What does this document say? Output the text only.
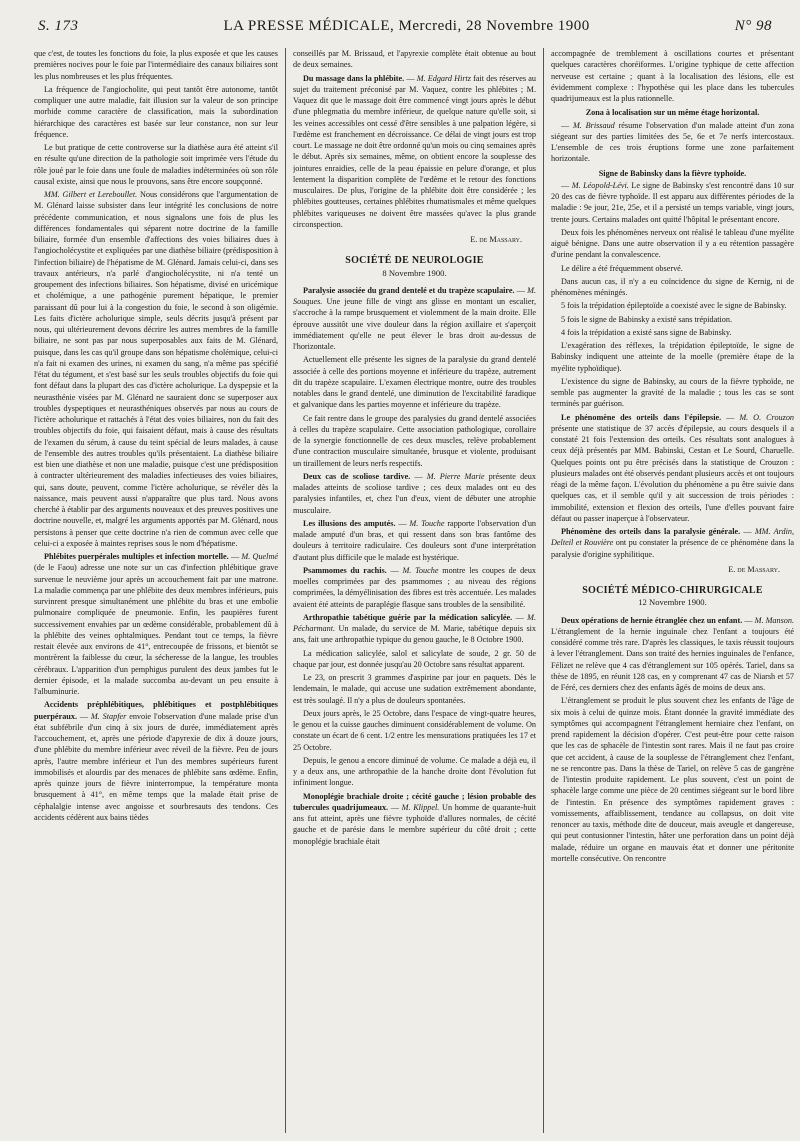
S. 173	LA PRESSE MÉDICALE, Mercredi, 28 Novembre 1900	N° 98

que c'est, de toutes les fonctions du foie, la plus exposée et que les causes premières nocives pour le foie par l'intermédiaire des canaux biliaires sont les plus nombreuses et les plus fréquentes.

La fréquence de l'angiocholite, qui peut tantôt être autonome, tantôt compliquer une autre maladie, fait illusion sur la valeur de son principe morbide comme caractère de classification, mais la subordination hiérarchique des caractères est basée sur leur constance, non sur leur fréquence.

Le but pratique de cette controverse sur la diathèse aura été atteint s'il en résulte qu'une direction de la pathologie soit imprimée vers l'étude du rôle joué par le foie dans une foule de maladies indéterminées où son rôle causal existe, ainsi que nous le prouvons, sans être encore soupçonné.

MM. Gilbert et Lereboullet. Nous considérons que l'argumentation de M. Glénard laisse subsister dans leur intégrité les conclusions de notre précédente communication, et nous signalons une fois de plus les différences fondamentales qui séparent notre doctrine de la famille biliaire, formée d'un ensemble d'affections des voies biliaires dues à l'angiocholécystite et expliquées par une diathèse biliaire (prédisposition à l'infection biliaire) de l'hépatisme de M. Glénard. Jamais celui-ci, dans ses travaux antérieurs, n'a parlé d'angiocholécystite, ni n'a tenté un groupement des infections biliaires. Son hépatisme, divisé en uricémique et cholémique, a une pathogénie purement hépatique, le premier paraissant dû pour lui à la congestion du foie, le second à son oligémie. Les faits d'ictère acholurique simple, seuls décrits jusqu'à présent par nous, qui ultérieurement devons décrire les autres membres de la famille biliaire, ne sont pas par nous superposables aux faits de M. Glénard, puisque, dans les cas qu'il groupe dans son hépatisme cholémique, celui-ci n'a fait ni examen des urines, ni examen du sang, n'a même pas spécifié l'état du tégument, et s'est basé sur les seuls troubles objectifs du foie qui font défaut dans la plupart des cas d'ictère acholurique. La dyspepsie et la neurasthénie visées par M. Glénard ne sauraient donc se superposer aux troubles dyspeptiques et neurasthéniques observés par nous au cours de l'ictère acholurique et rattachés à l'état des voies biliaires, non du fait des troubles objectifs du foie, qui faisaient défaut, mais à cause des résultats de l'examen du sérum, à cause du teint spécial de leurs malades, à cause de l'ensemble des autres troubles qu'ils présentaient. La diathèse biliaire est bien une diathèse et non une maladie, puisque c'est une prédisposition à contracter ultérieurement des maladies infectieuses des voies biliaires, qui, sans doute, peuvent, comme l'ictère acholurique, se révéler dès la naissance, mais peuvent aussi n'apparaître que plus tard. Nous avons cherché à établir par des arguments nouveaux et des preuves positives une doctrine nouvelle, et, malgré les arguments apportés par M. Glénard, nous persistons à penser que cette doctrine n'a rien de commun avec celle que celui-ci a exposée à maintes reprises sous le nom d'hépatisme.

Phlébites puerpérales multiples et infection mortelle. — M. Quelmé (de le Faou) adresse une note sur un cas d'infection phlébitique grave survenue le neuvième jour après un accouchement fait par une matrone. La maladie commença par une phlébite des deux membres inférieurs, puis survinrent presque simultanément une phlébite du bras et une embolie pulmonaire compliquée de pneumonie. Enfin, les paupières furent successivement envahies par un œdème considérable, probablement dû à la phlébite des veines ophtalmiques. Pendant tout ce temps, la fièvre restait élevée aux environs de 41°, entrecoupée de frissons, et bientôt se montrèrent la faiblesse du cœur, la sécheresse de la langue, les troubles cérébraux. L'apparition d'un pemphigus purulent des deux jambes fut le dernier épisode, et la malade succomba au-devant un peu ensuite à l'albuminurie.

Accidents préphlébitiques, phlébitiques et postphlébitiques puerpéraux. — M. Stapfer envoie l'observation d'une malade prise d'un état subfébrile d'un cinq à six jours de durée, immédiatement après l'accouchement, et, après une période d'apyrexie de dix à douze jours, d'une phlébite du membre inférieur avec réveil de la fièvre. Peu de jours après, l'autre membre inférieur et l'un des membres supérieurs furent immobilisés et alourdis par des menaces de phlébite sans œdème. Enfin, après quinze jours de fièvre ininterrompue, la température monta brusquement à 41°, en même temps que la malade était prise de céphalalgie intense avec angoisse et sourbresauts des tendons. Ces accidents cédèrent aux bains tièdes

conseillés par M. Brissaud, et l'apyrexie complète était obtenue au bout de deux semaines.

Du massage dans la phlébite. — M. Edgard Hirtz fait des réserves au sujet du traitement préconisé par M. Vaquez, contre les phlébites ; M. Vaquez dit que le massage doit être commencé vingt jours après le début d'une phlegmatia du membre inférieur, de quelque nature qu'elle soit, si les veines accessibles ont cessé d'être sensibles à une palpation légère, si l'œdème est franchement en décroissance. Ce délai de vingt jours est trop court. Le massage ne doit être ordonné qu'un mois ou cinq semaines après le début. Après six semaines, même, on obtient encore la souplesse des jointures enraidies, celle de la peau épaissie en pelure d'orange, et plus lentement la disparition complète de l'œdème et le retour des fonctions musculaires. De plus, l'origine de la phlébite doit être considérée ; les phlébites goutteuses, certaines phlébites rhumatismales et même quelques phlébites variqueuses ne doivent être massées qu'avec la plus grande circonspection.

E. de Massary.

SOCIÉTÉ DE NEUROLOGIE
8 Novembre 1900.

Paralysie associée du grand dentelé et du trapèze scapulaire. — M. Souques. Une jeune fille de vingt ans glisse en montant un escalier, s'accroche à la rampe brusquement et violemment de la main droite. Elle éprouve aussitôt une vive douleur dans la région axillaire et s'aperçoit immédiatement qu'elle ne peut élever le bras droit au-dessus de l'horizontale.

Actuellement elle présente les signes de la paralysie du grand dentelé associée à celle des portions moyenne et inférieure du trapèze, autrement dit du trapèze scapulaire. L'examen électrique montre, outre des troubles notables dans le grand dentelé, une diminution de l'excitabilité faradique et galvanique dans les parties moyenne et inférieure du trapèze.

Ce fait rentre dans le groupe des paralysies du grand dentelé associées à celles du trapèze scapulaire. Cette association pathologique, corollaire de la synergie fonctionnelle de ces deux muscles, relève probablement d'une contraction musculaire simultanée, brusque et violente, produisant un tiraillement de leurs nerfs respectifs.

Deux cas de scoliose tardive. — M. Pierre Marie présente deux malades atteints de scoliose tardive ; ces deux malades ont eu des paralysies infantiles, et, chez l'un d'eux, vient de débuter une atrophie musculaire.

Les illusions des amputés. — M. Touche rapporte l'observation d'un malade amputé d'un bras, et qui ressent dans son bras fantôme des douleurs à territoire radiculaire. Ces douleurs sont d'une interprétation d'autant plus difficile que le malade est hystérique.

Psammomes du rachis. — M. Touche montre les coupes de deux moelles comprimées par des psammomes ; au niveau des régions comprimées, la démyélinisation des fibres est très accentuée. Les malades avaient été atteints de paraplégie flasque sans troubles de la sensibilité.

Arthropathie tabétique guérie par la médication salicylée. — M. Pécharmant. Un malade, du service de M. Marie, tabétique depuis six ans, fait une arthropathie typique du genou gauche, le 8 Octobre 1900.

La médication salicylée, salol et salicylate de soude, 2 gr. 50 de chaque par jour, est donnée jusqu'au 20 Octobre sans résultat apparent.

Le 23, on prescrit 3 grammes d'aspirine par jour en paquets. Dès le lendemain, le malade, qui accuse une sudation extrêmement abondante, est très soulagé. Il n'y a plus de douleurs spontanées.

Deux jours après, le 25 Octobre, dans l'espace de vingt-quatre heures, le genou et la cuisse gauches diminuent considérablement de volume. On constate un écart de 6 cent. 1/2 entre les mensurations pratiquées les 17 et 25 Octobre.

Depuis, le genou a encore diminué de volume. Ce malade a déjà eu, il y a deux ans, une arthropathie de la hanche droite dont l'évolution fut infiniment longue.

Monoplégie brachiale droite ; cécité gauche ; lésion probable des tubercules quadrijumeaux. — M. Klippel. Un homme de quarante-huit ans fut atteint, après une fièvre typhoïde d'allures normales, de cécité gauche et de parésie dans le membre supérieur du côté droit ; cette monoplégie brachiale était

accompagnée de tremblement à oscillations courtes et présentant quelques caractères choréiformes. L'origine typhique de cette affection nerveuse est certaine ; quant à la localisation des lésions, elle est évidemment complexe : l'hypothèse qui les place dans les tubercules quadrijumeaux est la plus rationnelle.

Zona à localisation sur un même étage horizontal.

— M. Brissaud résume l'observation d'un malade atteint d'un zona siégeant sur des parties limitées des 5e, 6e et 7e nerfs intercostaux. L'ensemble de ces trois éruptions forme une zone parfaitement horizontale.

Signe de Babinsky dans la fièvre typhoïde.

— M. Léopold-Lévi. Le signe de Babinsky s'est rencontré dans 10 sur 20 des cas de fièvre typhoïde. Il est apparu aux différentes périodes de la maladie : 9e jour, 21e, 25e, et il a persisté un temps variable, vingt jours, trente jours. Certains malades ont quitté l'hôpital le présentant encore.

Deux fois les phénomènes nerveux ont réalisé le tableau d'une myélite aiguë bénigne. Dans une autre observation il y a eu rétention passagère d'urine pendant la convalescence.

Le délire a été fréquemment observé.

Dans aucun cas, il n'y a eu coïncidence du signe de Kernig, ni de phénomènes méningés.

5 fois la trépidation épileptoïde a coexisté avec le signe de Babinsky.

5 fois le signe de Babinsky a existé sans trépidation.

4 fois la trépidation a existé sans signe de Babinsky.

L'exagération des réflexes, la trépidation épileptoïde, le signe de Babinsky indiquent une atteinte de la moelle (première étape de la myélite typhoïdique).

L'existence du signe de Babinsky, au cours de la fièvre typhoïde, ne semble pas augmenter la gravité de la maladie ; tous les cas se sont terminés par guérison.

Le phénomène des orteils dans l'épilepsie. — M. O. Crouzon présente une statistique de 37 accès d'épilepsie, au cours desquels il a constaté 21 fois l'extension des orteils. Ces résultats sont analogues à ceux déjà présentés par MM. Babinski, Cestan et Le Sourd, Charuelle. Quelques points ont pu être précisés dans la statistique de Crouzon : plusieurs malades ont été observés pendant plusieurs accès et ont toujours réagi de la même façon. L'évolution du phénomène a pu être suivie dans quelques cas, et il semble qu'il y ait succession de trois périodes : immobilité, extension et flexion des orteils, l'une d'elles pouvant faire défaut ou passer inaperçue à l'observateur.

Phénomène des orteils dans la paralysie générale. — MM. Ardin, Delteil et Rouvière ont pu constater la présence de ce phénomène dans la paralysie d'origine syphilitique.

E. de Massary.

SOCIÉTÉ MÉDICO-CHIRURGICALE
12 Novembre 1900.

Deux opérations de hernie étranglée chez un enfant. — M. Manson. L'étranglement de la hernie inguinale chez l'enfant a toujours été considéré comme très rare. D'après les classiques, le taxis réussit toujours à lever l'étranglement. Dans son traité des hernies inguinales de l'enfance, Félizet ne relève que 4 cas d'étranglement sur 105 opérés. Tariel, dans sa thèse de 1895, en réunit 128 cas, en y comprenant 47 cas de Niarsh et 57 de Féré, ces derniers chez des enfants âgés de moins de deux ans.

L'étranglement se produit le plus souvent chez les enfants de l'âge de six mois à celui de quinze mois. Étant donnée la gravité immédiate des symptômes qui accompagnent l'étranglement herniaire chez l'enfant, on prend rapidement la décision d'opérer. C'est peut-être pour cette raison que les cas de sphacèle de l'intestin sont rares. Mais il ne faut pas croire que cet accident, à cause de la souplesse de l'étranglement chez l'enfant, ne se rencontre pas. Dans la thèse de Tariel, on relève 5 cas de gangrène de l'intestin produite rapidement. Le plus souvent, c'est un point de sphacèle large comme une pièce de 20 centimes siégeant sur le bord libre de l'intestin. En présence des symptômes rapidement graves : vomissements, affaiblissement, tendance au collapsus, on doit vite renoncer au taxis, méthode dite de douceur, mais aveugle et dangereuse, qui peut contusionner l'intestin, hâter une perforation dans un point déjà malade, réduire un organe en mauvais état et donner une péritonite mortelle consécutive. On rencontre
